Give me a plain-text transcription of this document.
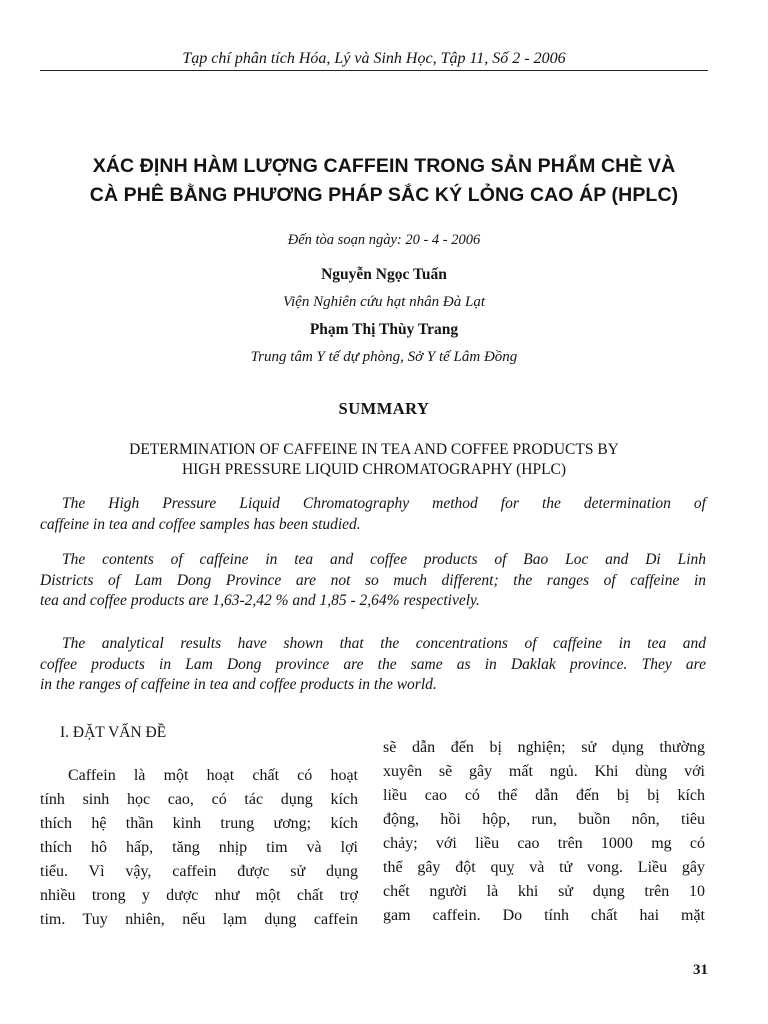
Tạp chí phân tích Hóa, Lý và Sinh Học, Tập 11, Số 2 - 2006
XÁC ĐỊNH HÀM LƯỢNG CAFFEIN TRONG SẢN PHẨM CHÈ VÀ
CÀ PHÊ BẰNG PHƯƠNG PHÁP SẮC KÝ LỎNG CAO ÁP (HPLC)
Đến tòa soạn ngày: 20 - 4 - 2006
Nguyễn Ngọc Tuấn
Viện Nghiên cứu hạt nhân Đà Lạt
Phạm Thị Thùy Trang
Trung tâm Y tế dự phòng, Sở Y tế Lâm Đồng
SUMMARY
DETERMINATION OF CAFFEINE IN TEA AND COFFEE PRODUCTS BY
HIGH PRESSURE LIQUID CHROMATOGRAPHY (HPLC)
The High Pressure Liquid Chromatography method for the determination of
caffeine in tea and coffee samples has been studied.
The contents of caffeine in tea and coffee products of Bao Loc and Di Linh
Districts of Lam Dong Province are not so much different; the ranges of caffeine in
tea and coffee products are 1,63-2,42 % and 1,85 - 2,64% respectively.
The analytical results have shown that the concentrations of caffeine in tea and
coffee products in Lam Dong province are the same as in Daklak province. They are
in the ranges of caffeine in tea and coffee products in the world.
I. ĐẶT VẤN ĐỀ
Caffein là một hoạt chất có hoạt
tính sinh học cao, có tác dụng kích
thích hệ thần kinh trung ương; kích
thích hô hấp, tăng nhịp tim và lợi
tiểu. Vì vậy, caffein được sử dụng
nhiều trong y dược như một chất trợ
tim. Tuy nhiên, nếu lạm dụng caffein
sẽ dẫn đến bị nghiện; sử dụng thường
xuyên sẽ gây mất ngủ. Khi dùng với
liều cao có thể dẫn đến bị bị kích
động, hồi hộp, run, buồn nôn, tiêu
chảy; với liều cao trên 1000 mg có
thể gây đột quỵ và tử vong. Liều gây
chết người là khi sử dụng trên 10
gam caffein. Do tính chất hai mặt
31
